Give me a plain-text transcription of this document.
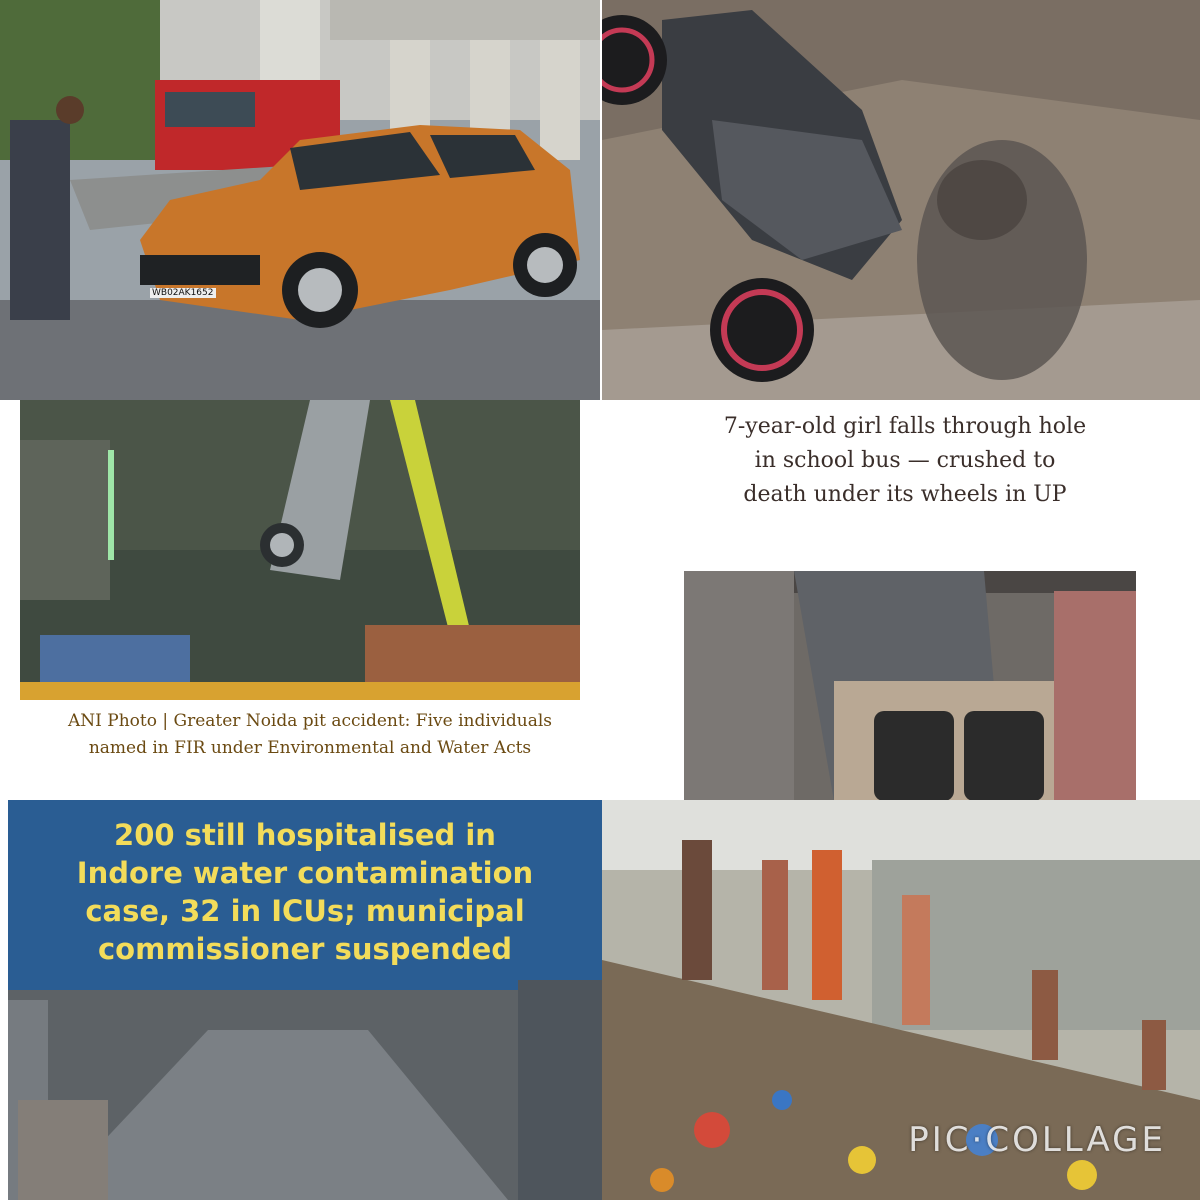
WB02AK1652
ANI Photo | Greater Noida pit accident: Five individuals named in FIR under Environmental and Water Acts
7-year-old girl falls through hole in school bus — crushed to death under its wheels in UP
200 still hospitalised in Indore water contamination case, 32 in ICUs; municipal commissioner suspended
PIC·COLLAGE
